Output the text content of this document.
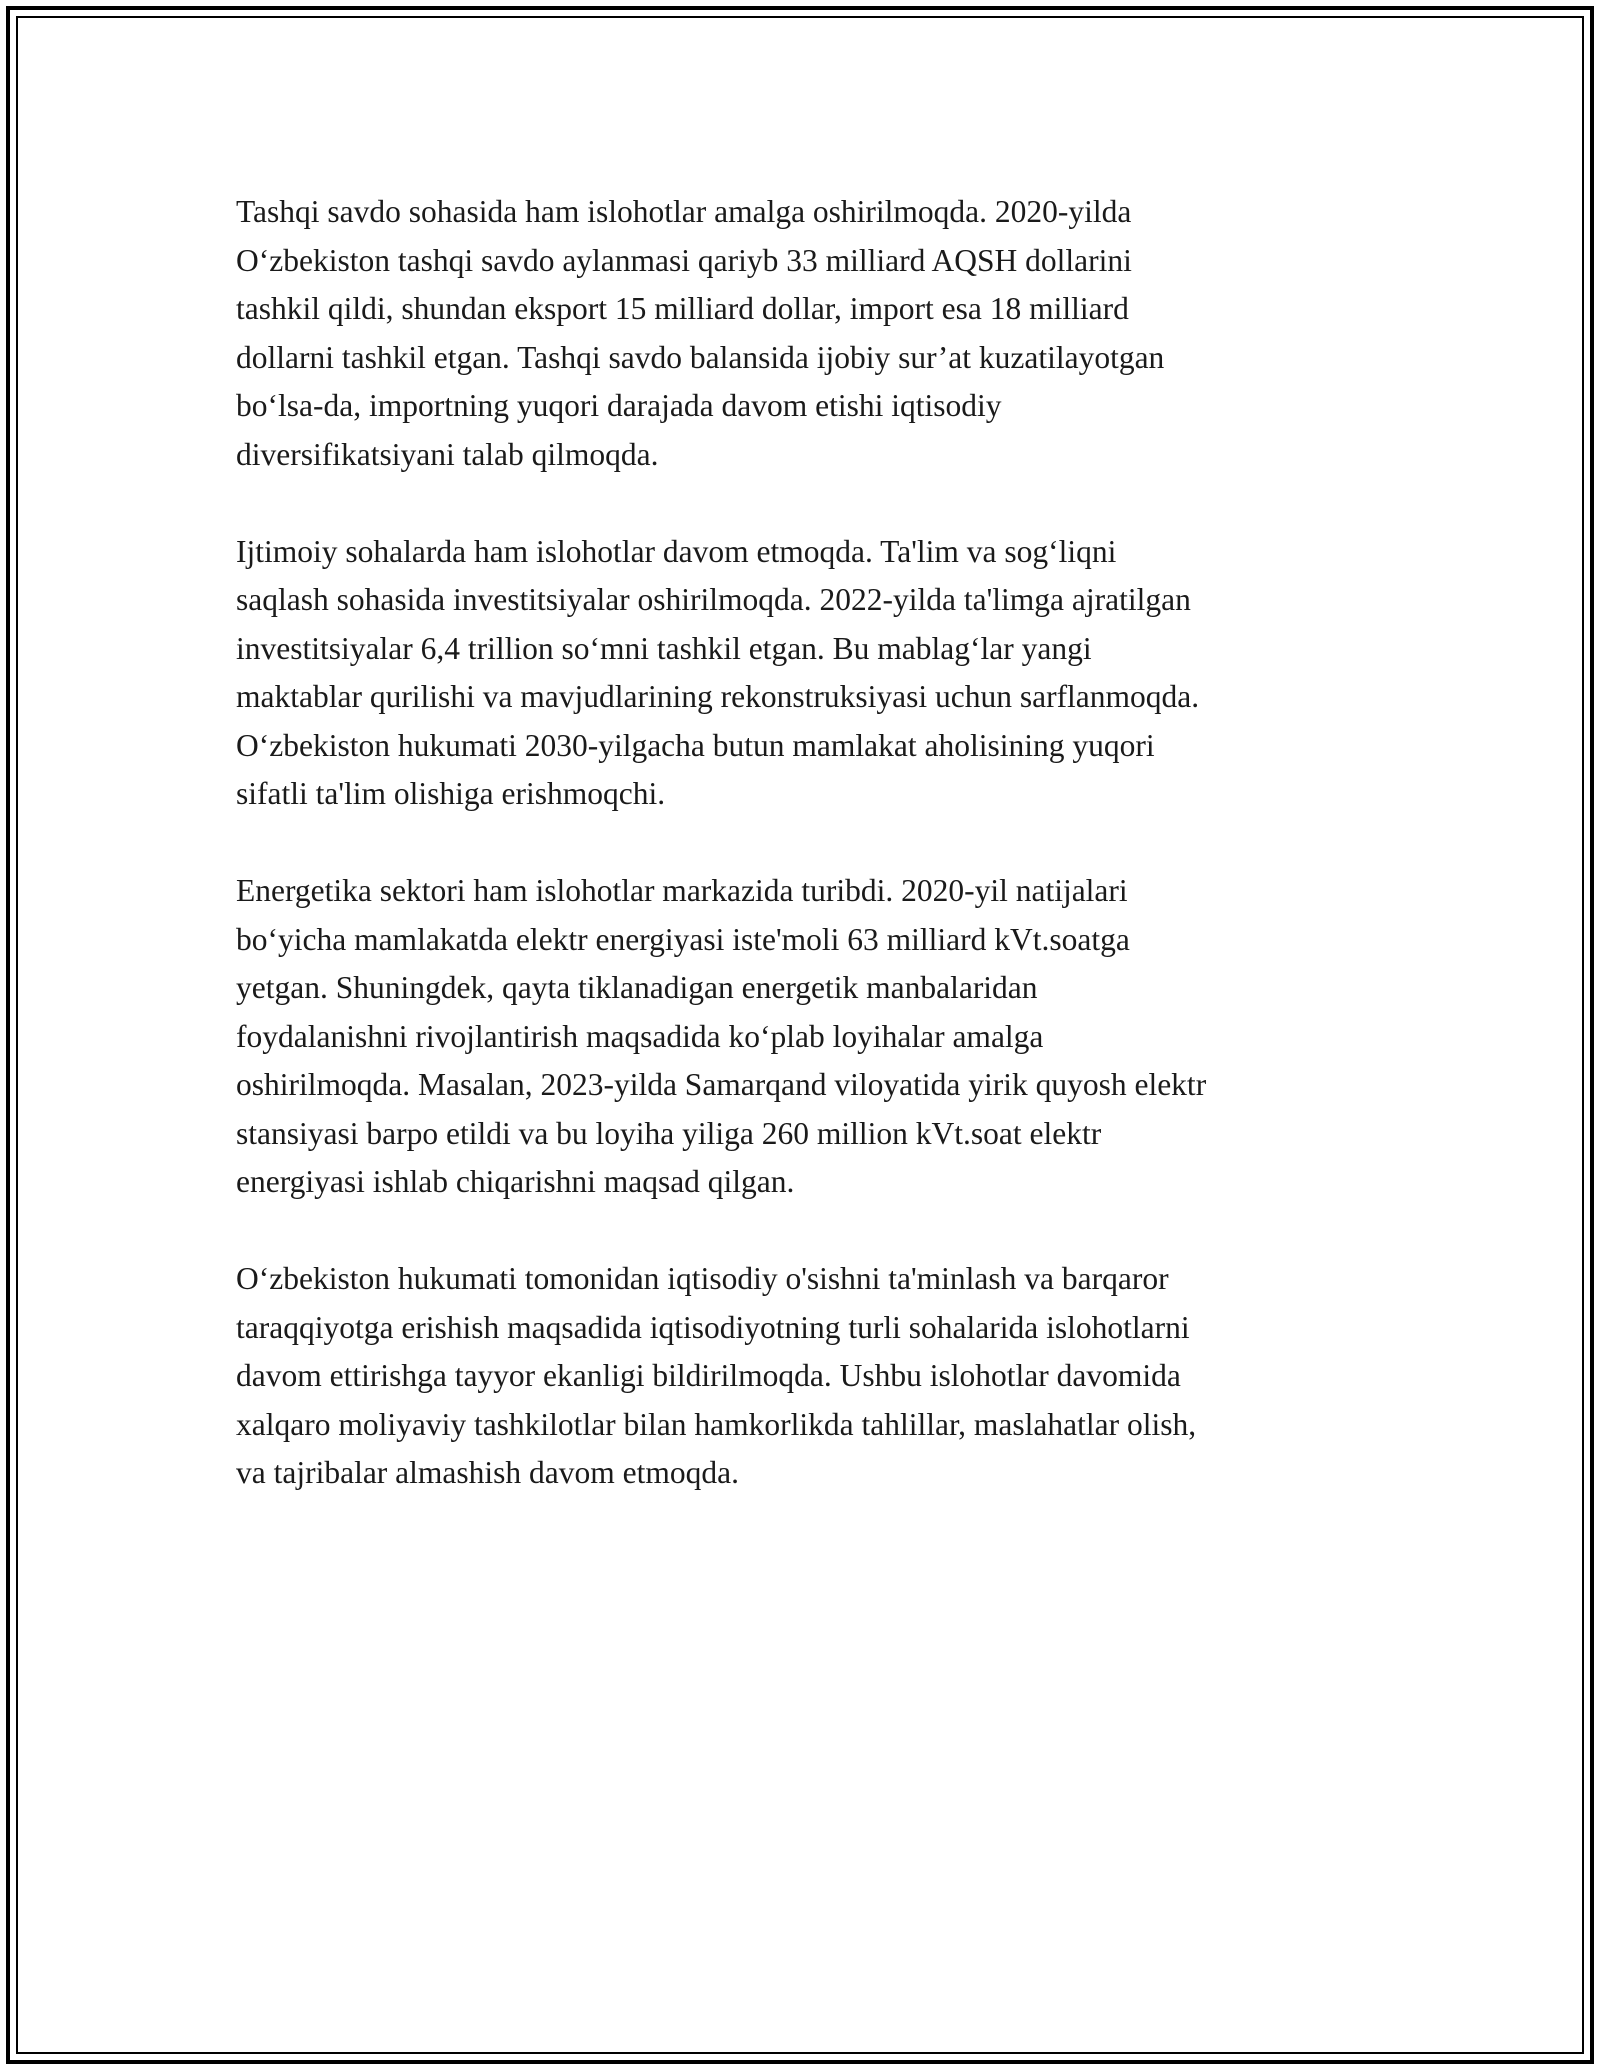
Tashqi savdo sohasida ham islohotlar amalga oshirilmoqda. 2020-yilda
O‘zbekiston tashqi savdo aylanmasi qariyb 33 milliard AQSH dollarini
tashkil qildi, shundan eksport 15 milliard dollar, import esa 18 milliard
dollarni tashkil etgan. Tashqi savdo balansida ijobiy sur’at kuzatilayotgan
bo‘lsa-da, importning yuqori darajada davom etishi iqtisodiy
diversifikatsiyani talab qilmoqda.

Ijtimoiy sohalarda ham islohotlar davom etmoqda. Ta'lim va sog‘liqni
saqlash sohasida investitsiyalar oshirilmoqda. 2022-yilda ta'limga ajratilgan
investitsiyalar 6,4 trillion so‘mni tashkil etgan. Bu mablag‘lar yangi
maktablar qurilishi va mavjudlarining rekonstruksiyasi uchun sarflanmoqda.
O‘zbekiston hukumati 2030-yilgacha butun mamlakat aholisining yuqori
sifatli ta'lim olishiga erishmoqchi.

Energetika sektori ham islohotlar markazida turibdi. 2020-yil natijalari
bo‘yicha mamlakatda elektr energiyasi iste'moli 63 milliard kVt.soatga
yetgan. Shuningdek, qayta tiklanadigan energetik manbalaridan
foydalanishni rivojlantirish maqsadida ko‘plab loyihalar amalga
oshirilmoqda. Masalan, 2023-yilda Samarqand viloyatida yirik quyosh elektr
stansiyasi barpo etildi va bu loyiha yiliga 260 million kVt.soat elektr
energiyasi ishlab chiqarishni maqsad qilgan.

O‘zbekiston hukumati tomonidan iqtisodiy o'sishni ta'minlash va barqaror
taraqqiyotga erishish maqsadida iqtisodiyotning turli sohalarida islohotlarni
davom ettirishga tayyor ekanligi bildirilmoqda. Ushbu islohotlar davomida
xalqaro moliyaviy tashkilotlar bilan hamkorlikda tahlillar, maslahatlar olish,
va tajribalar almashish davom etmoqda.
